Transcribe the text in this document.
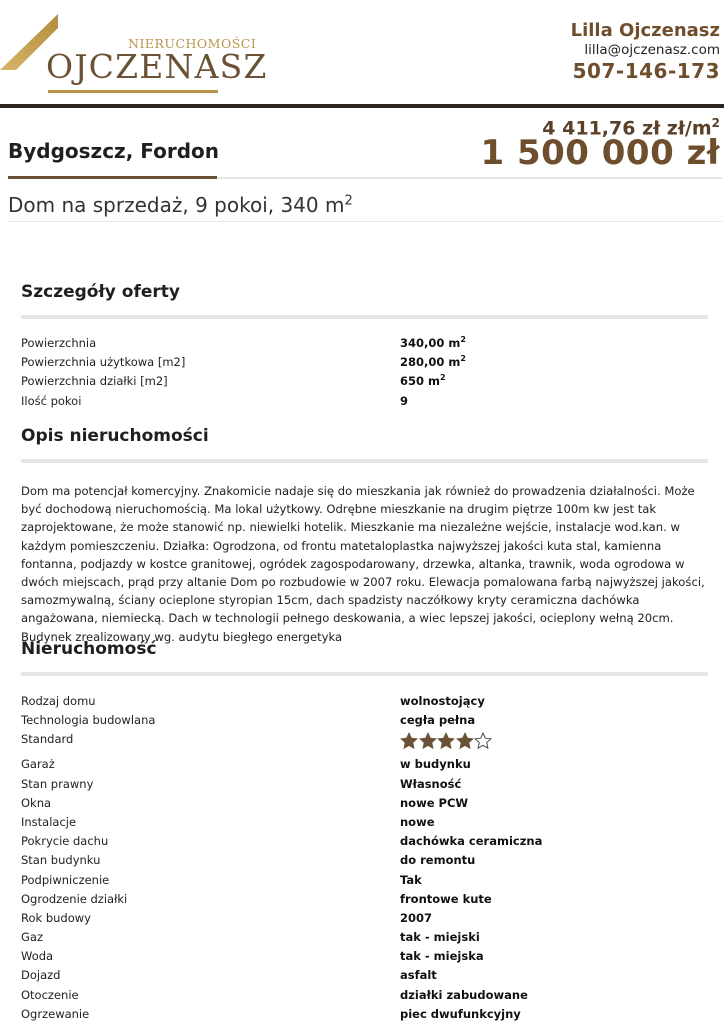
NIERUCHOMOŚCI
OJCZENASZ
Lilla Ojczenasz
lilla@ojczenasz.com
507-146-173
Bydgoszcz, Fordon
4 411,76 zł $zł/m^2$
1 500 000 zł
Dom na sprzedaż, 9 pokoi, 340 $m^2$
Szczegóły oferty
Powierzchnia	340,00 $m^2$
Powierzchnia użytkowa [m2]	280,00 $m^2$
Powierzchnia działki [m2]	650 $m^2$
Ilość pokoi	9
Opis nieruchomości
Dom ma potencjał komercyjny. Znakomicie nadaje się do mieszkania jak również do prowadzenia działalności. Może być dochodową nieruchomością. Ma lokal użytkowy. Odrębne mieszkanie na drugim piętrze 100m kw jest tak zaprojektowane, że może stanowić np. niewielki hotelik. Mieszkanie ma niezależne wejście, instalacje wod.kan. w każdym pomieszczeniu. Działka: Ogrodzona, od frontu matetaloplastka najwyższej jakości kuta stal, kamienna fontanna, podjazdy w kostce granitowej, ogródek zagospodarowany, drzewka, altanka, trawnik, woda ogrodowa w dwóch miejscach, prąd przy altanie Dom po rozbudowie w 2007 roku. Elewacja pomalowana farbą najwyższej jakości, samozmywalną, ściany ocieplone styropian 15cm, dach spadzisty naczółkowy kryty ceramiczna dachówka angażowana, niemiecką. Dach w technologii pełnego deskowania, a wiec lepszej jakości, ocieplony wełną 20cm. Budynek zrealizowany wg. audytu biegłego energetyka
Nieruchomość
Rodzaj domu	wolnostojący
Technologia budowlana	cegła pełna
Standard
Garaż	w budynku
Stan prawny	Własność
Okna	nowe PCW
Instalacje	nowe
Pokrycie dachu	dachówka ceramiczna
Stan budynku	do remontu
Podpiwniczenie	Tak
Ogrodzenie działki	frontowe kute
Rok budowy	2007
Gaz	tak - miejski
Woda	tak - miejska
Dojazd	asfalt
Otoczenie	działki zabudowane
Ogrzewanie	piec dwufunkcyjny
